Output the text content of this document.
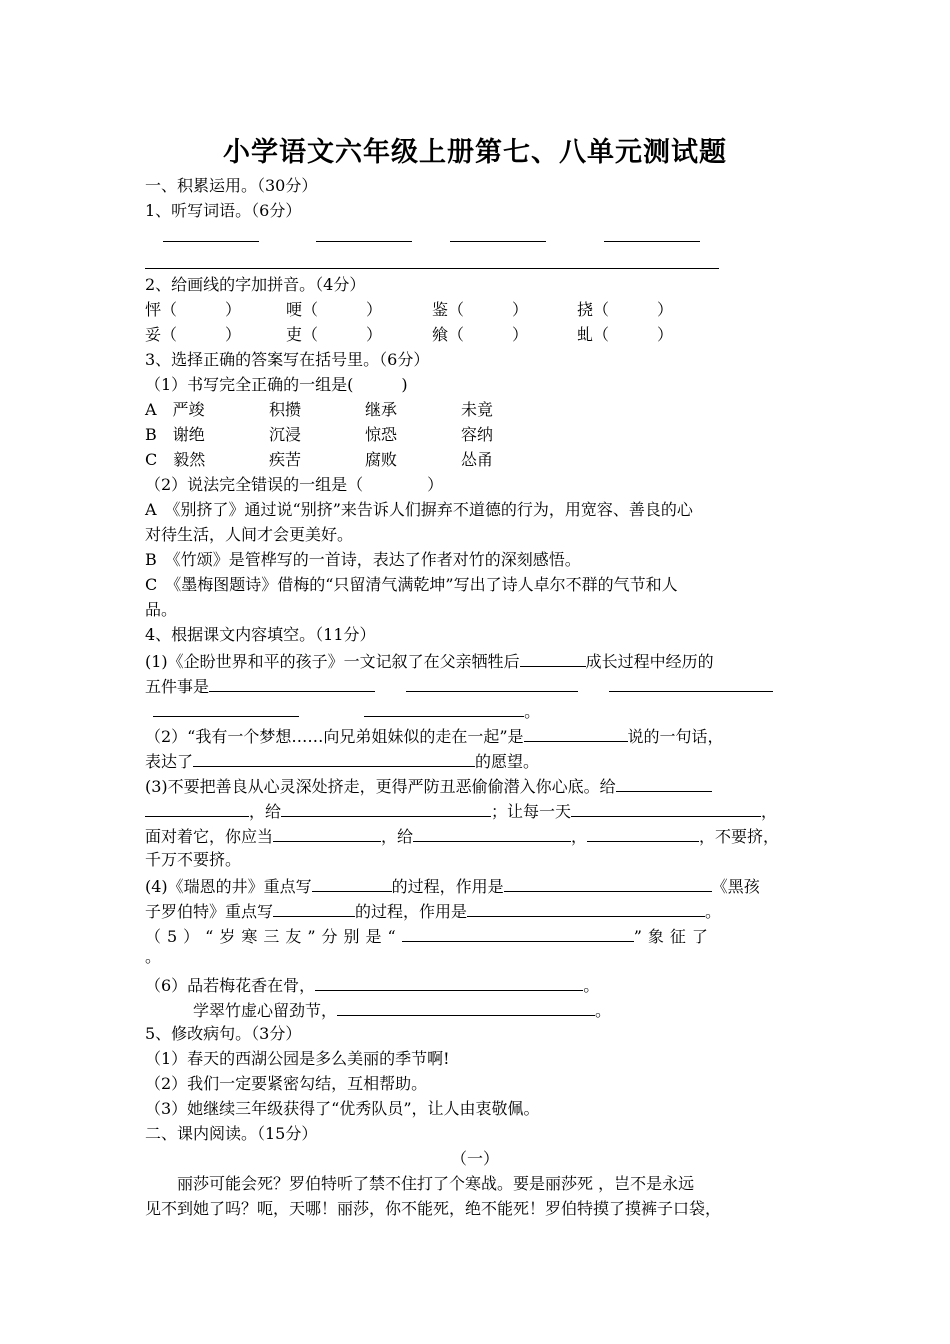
小学语文六年级上册第七、八单元测试题
一、积累运用。（30分）
1、听写词语。（6分）
2、给画线的字加拼音。（4分）
怦（　　　）	哽（　　　）	鉴（　　　）	挠（　　　）
妥（　　　）	吏（　　　）	飨（　　　）	虬（　　　）
3、选择正确的答案写在括号里。（6分）
（1）书写完全正确的一组是(　　　)
A　严竣	积攒	继承	未竟
B　谢绝	沉浸	惊恐	容纳
C　毅然	疾苦	腐败	怂甬
（2）说法完全错误的一组是（　　　　）
A　《别挤了》通过说“别挤”来告诉人们摒弃不道德的行为，用宽容、善良的心
对待生活，人间才会更美好。
B　《竹颂》是管桦写的一首诗，表达了作者对竹的深刻感悟。
C　《墨梅图题诗》借梅的“只留清气满乾坤”写出了诗人卓尔不群的气节和人
品。
4、根据课文内容填空。（11分）
(1)《企盼世界和平的孩子》一文记叙了在父亲牺牲后	成长过程中经历的
五件事是
。
（2）“我有一个梦想……向兄弟姐妹似的走在一起”是	说的一句话，
表达了	的愿望。
(3)不要把善良从心灵深处挤走，更得严防丑恶偷偷潜入你心底。给
，给	；让每一天	，
面对着它，你应当	，给	，	，不要挤，
千万不要挤。
(4)《瑞恩的井》重点写	的过程，作用是	《黑孩
子罗伯特》重点写	的过程，作用是	。
（5）“岁寒三友”分别是“	”象征了
。
（6）品若梅花香在骨，	。
学翠竹虚心留劲节，	。
5、修改病句。（3分）
（1）春天的西湖公园是多么美丽的季节啊!
（2）我们一定要紧密勾结，互相帮助。
（3）她继续三年级获得了“优秀队员”，让人由衷敬佩。
二、课内阅读。（15分）
（一）
丽莎可能会死？罗伯特听了禁不住打了个寒战。要是丽莎死 ，岂不是永远
见不到她了吗？呃，天哪！丽莎，你不能死，绝不能死！罗伯特摸了摸裤子口袋，
